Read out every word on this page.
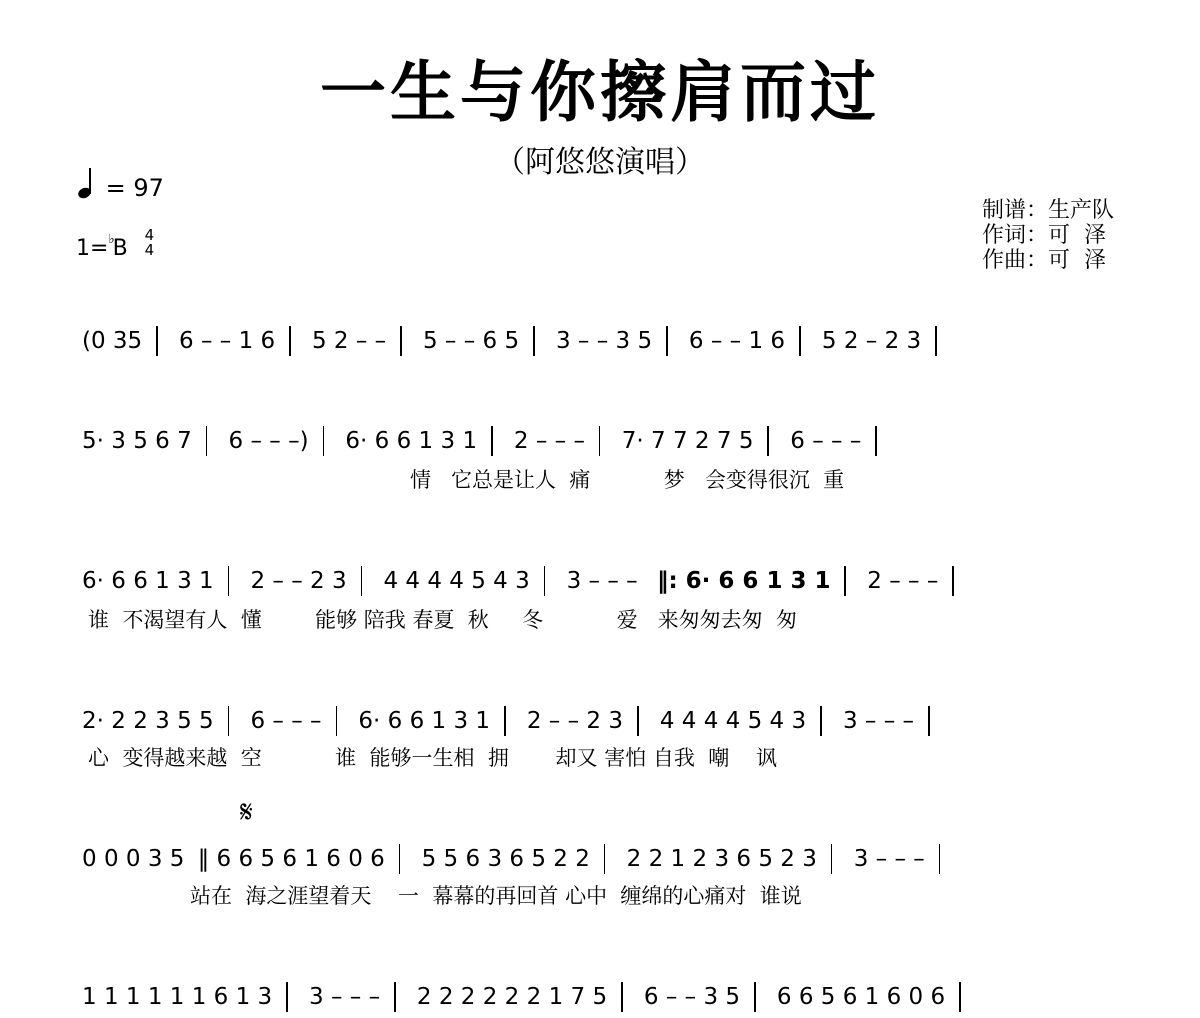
一生与你擦肩而过
（阿悠悠演唱）
= 97
1=♭B
4
4
制谱：生产队
作词：可  泽
作曲：可  泽
(0 35 6 – – 1 6 5 2 – – 5 – – 6 5 3 – – 3 5 6 – – 1 6 5 2 – 2 3
5· 3 5 6 7 6 – – –) 6· 6 6 1 3 1 2 – – – 7· 7 7 2 7 5 6 – – –
情   它总是让人  痛           梦   会变得很沉  重
6· 6 6 1 3 1 2 – – 2 3 4 4 4 4 5 4 3 3 – – – ‖: 6· 6 6 1 3 1 2 – – –
谁  不渴望有人  懂        能够 陪我 春夏  秋     冬           爱   来匆匆去匆  匆
2· 2 2 3 5 5 6 – – – 6· 6 6 1 3 1 2 – – 2 3 4 4 4 4 5 4 3 3 – – –
心  变得越来越  空           谁  能够一生相  拥       却又 害怕 自我  嘲    讽
𝄋
0 0 0 3 5 ‖ 6 6 5 6 1 6 0 6 5 5 6 3 6 5 2 2 2 2 1 2 3 6 5 2 3 3 – – –
站在  海之涯望着天    一  幕幕的再回首 心中  缠绵的心痛对  谁说
1 1 1 1 1 1 6 1 3 3 – – – 2 2 2 2 2 2 1 7 5 6 – – 3 5 6 6 5 6 1 6 0 6
